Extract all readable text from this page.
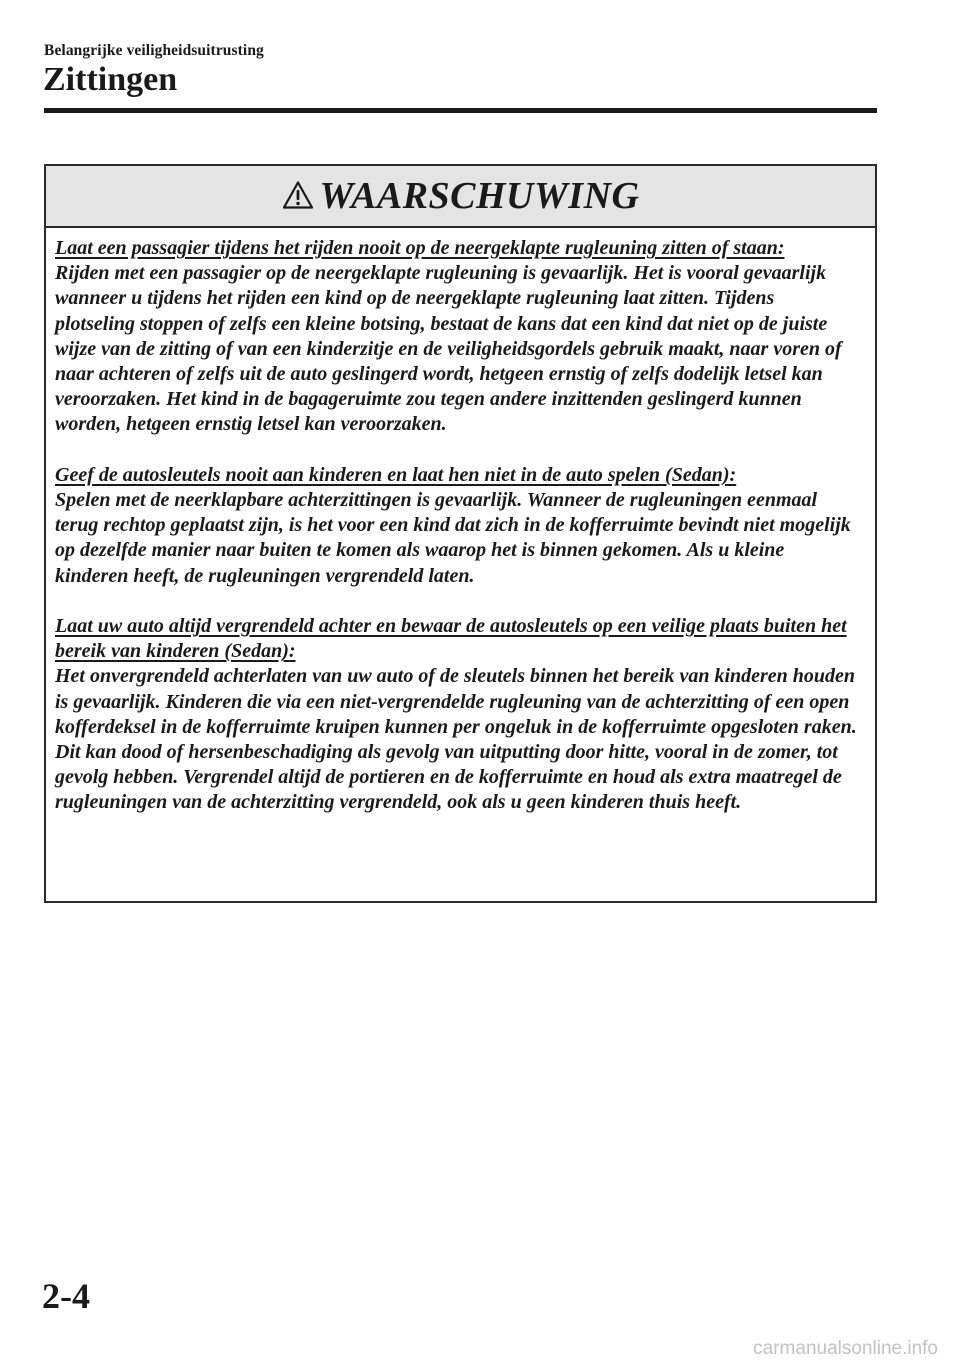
Belangrijke veiligheidsuitrusting
Zittingen
WAARSCHUWING
Laat een passagier tijdens het rijden nooit op de neergeklapte rugleuning zitten of staan:

Rijden met een passagier op de neergeklapte rugleuning is gevaarlijk. Het is vooral gevaarlijk wanneer u tijdens het rijden een kind op de neergeklapte rugleuning laat zitten. Tijdens plotseling stoppen of zelfs een kleine botsing, bestaat de kans dat een kind dat niet op de juiste wijze van de zitting of van een kinderzitje en de veiligheidsgordels gebruik maakt, naar voren of naar achteren of zelfs uit de auto geslingerd wordt, hetgeen ernstig of zelfs dodelijk letsel kan veroorzaken. Het kind in de bagageruimte zou tegen andere inzittenden geslingerd kunnen worden, hetgeen ernstig letsel kan veroorzaken.

Geef de autosleutels nooit aan kinderen en laat hen niet in de auto spelen (Sedan):

Spelen met de neerklapbare achterzittingen is gevaarlijk. Wanneer de rugleuningen eenmaal terug rechtop geplaatst zijn, is het voor een kind dat zich in de kofferruimte bevindt niet mogelijk op dezelfde manier naar buiten te komen als waarop het is binnen gekomen. Als u kleine kinderen heeft, de rugleuningen vergrendeld laten.

Laat uw auto altijd vergrendeld achter en bewaar de autosleutels op een veilige plaats buiten het bereik van kinderen (Sedan):

Het onvergrendeld achterlaten van uw auto of de sleutels binnen het bereik van kinderen houden is gevaarlijk. Kinderen die via een niet-vergrendelde rugleuning van de achterzitting of een open kofferdeksel in de kofferruimte kruipen kunnen per ongeluk in de kofferruimte opgesloten raken. Dit kan dood of hersenbeschadiging als gevolg van uitputting door hitte, vooral in de zomer, tot gevolg hebben. Vergrendel altijd de portieren en de kofferruimte en houd als extra maatregel de rugleuningen van de achterzitting vergrendeld, ook als u geen kinderen thuis heeft.

2-4
carmanualsonline.info
